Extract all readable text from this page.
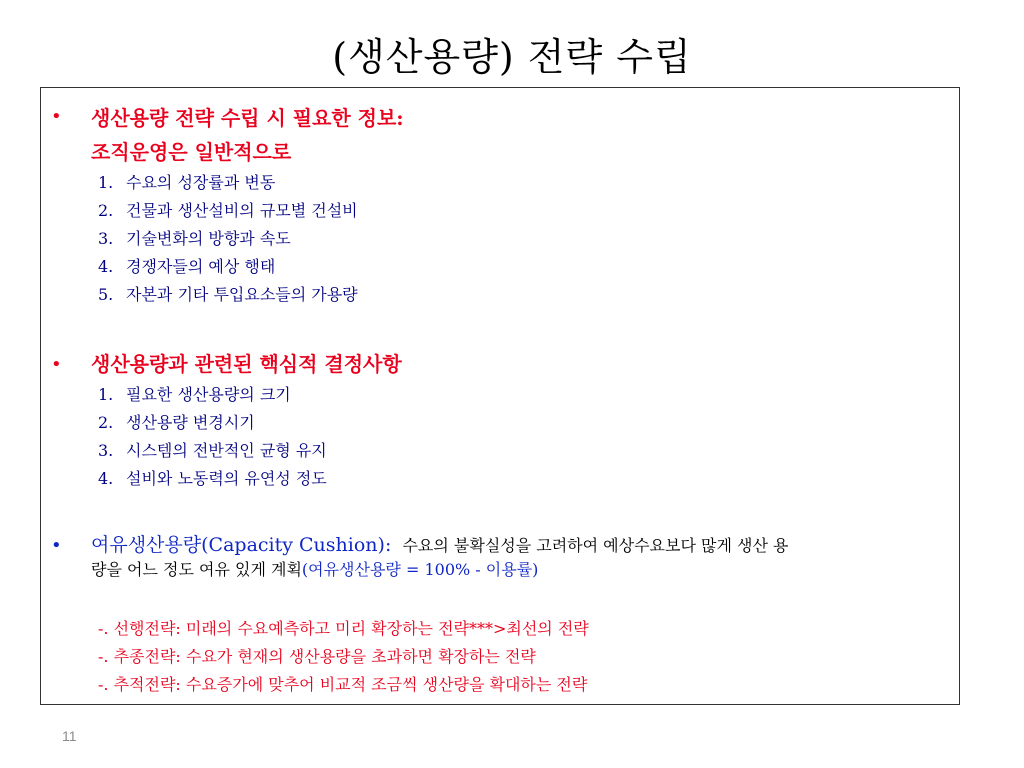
(생산용량) 전략 수립
• 생산용량 전략 수립 시 필요한 정보:
조직운영은 일반적으로
1. 수요의 성장률과 변동
2. 건물과 생산설비의 규모별 건설비
3. 기술변화의 방향과 속도
4. 경쟁자들의 예상 행태
5. 자본과 기타 투입요소들의 가용량
• 생산용량과 관련된 핵심적 결정사항
1. 필요한 생산용량의 크기
2. 생산용량 변경시기
3. 시스템의 전반적인 균형 유지
4. 설비와 노동력의 유연성 정도
• 여유생산용량(Capacity Cushion): 수요의 불확실성을 고려하여 예상수요보다 많게 생산 용
량을 어느 정도 여유 있게 계획(여유생산용량 = 100% - 이용률)
-. 선행전략: 미래의 수요예측하고 미리 확장하는 전략***>최선의 전략
-. 추종전략: 수요가 현재의 생산용량을 초과하면 확장하는 전략
-. 추적전략: 수요증가에 맞추어 비교적 조금씩 생산량을 확대하는 전략
11
